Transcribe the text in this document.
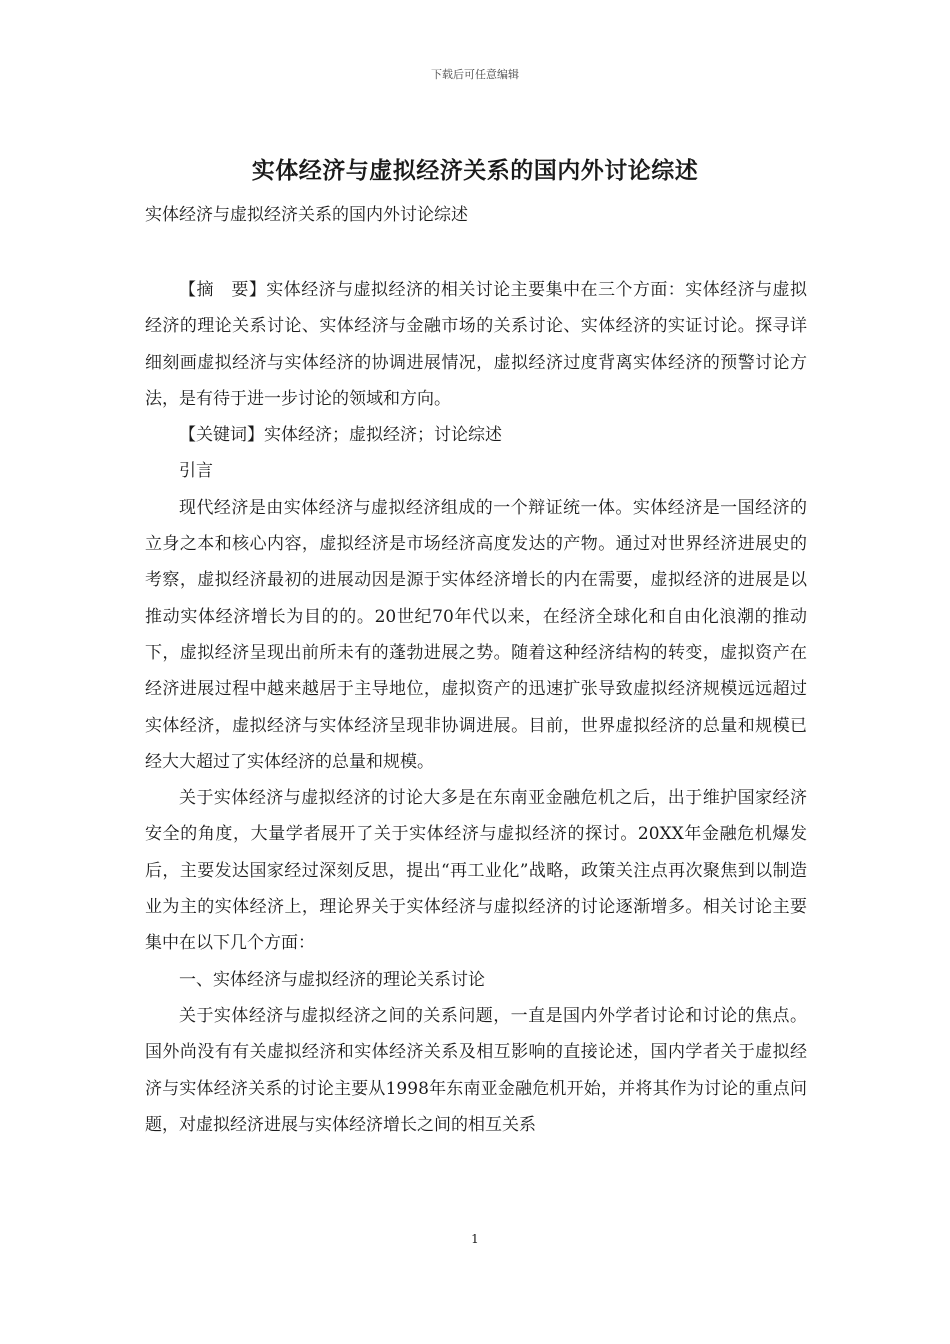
下载后可任意编辑
实体经济与虚拟经济关系的国内外讨论综述
实体经济与虚拟经济关系的国内外讨论综述

【摘　要】实体经济与虚拟经济的相关讨论主要集中在三个方面：实体经济与虚拟经济的理论关系讨论、实体经济与金融市场的关系讨论、实体经济的实证讨论。探寻详细刻画虚拟经济与实体经济的协调进展情况，虚拟经济过度背离实体经济的预警讨论方法，是有待于进一步讨论的领域和方向。

【关键词】实体经济；虚拟经济；讨论综述

引言

现代经济是由实体经济与虚拟经济组成的一个辩证统一体。实体经济是一国经济的立身之本和核心内容，虚拟经济是市场经济高度发达的产物。通过对世界经济进展史的考察，虚拟经济最初的进展动因是源于实体经济增长的内在需要，虚拟经济的进展是以推动实体经济增长为目的的。20世纪70年代以来，在经济全球化和自由化浪潮的推动下，虚拟经济呈现出前所未有的蓬勃进展之势。随着这种经济结构的转变，虚拟资产在经济进展过程中越来越居于主导地位，虚拟资产的迅速扩张导致虚拟经济规模远远超过实体经济，虚拟经济与实体经济呈现非协调进展。目前，世界虚拟经济的总量和规模已经大大超过了实体经济的总量和规模。

关于实体经济与虚拟经济的讨论大多是在东南亚金融危机之后，出于维护国家经济安全的角度，大量学者展开了关于实体经济与虚拟经济的探讨。20XX年金融危机爆发后，主要发达国家经过深刻反思，提出“再工业化”战略，政策关注点再次聚焦到以制造业为主的实体经济上，理论界关于实体经济与虚拟经济的讨论逐渐增多。相关讨论主要集中在以下几个方面：

一、实体经济与虚拟经济的理论关系讨论

关于实体经济与虚拟经济之间的关系问题，一直是国内外学者讨论和讨论的焦点。国外尚没有有关虚拟经济和实体经济关系及相互影响的直接论述，国内学者关于虚拟经济与实体经济关系的讨论主要从1998年东南亚金融危机开始，并将其作为讨论的重点问题，对虚拟经济进展与实体经济增长之间的相互关系

1
